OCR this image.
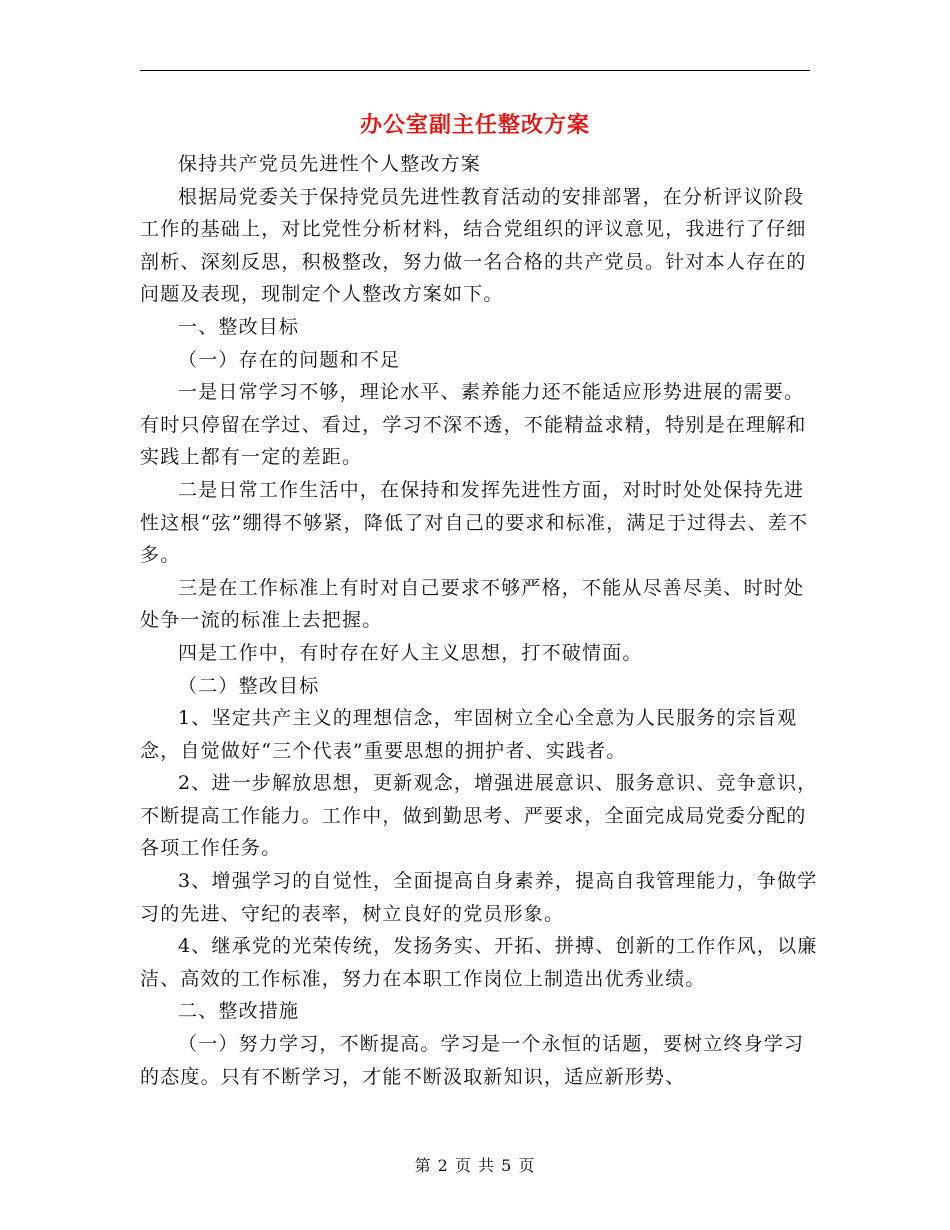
办公室副主任整改方案

保持共产党员先进性个人整改方案

根据局党委关于保持党员先进性教育活动的安排部署，在分析评议阶段工作的基础上，对比党性分析材料，结合党组织的评议意见，我进行了仔细剖析、深刻反思，积极整改，努力做一名合格的共产党员。针对本人存在的问题及表现，现制定个人整改方案如下。

一、整改目标

（一）存在的问题和不足

一是日常学习不够，理论水平、素养能力还不能适应形势进展的需要。有时只停留在学过、看过，学习不深不透，不能精益求精，特别是在理解和实践上都有一定的差距。

二是日常工作生活中，在保持和发挥先进性方面，对时时处处保持先进性这根“弦”绷得不够紧，降低了对自己的要求和标准，满足于过得去、差不多。

三是在工作标准上有时对自己要求不够严格，不能从尽善尽美、时时处处争一流的标准上去把握。

四是工作中，有时存在好人主义思想，打不破情面。

（二）整改目标

1、坚定共产主义的理想信念，牢固树立全心全意为人民服务的宗旨观念，自觉做好“三个代表”重要思想的拥护者、实践者。

2、进一步解放思想，更新观念，增强进展意识、服务意识、竞争意识，不断提高工作能力。工作中，做到勤思考、严要求，全面完成局党委分配的各项工作任务。

3、增强学习的自觉性，全面提高自身素养，提高自我管理能力，争做学习的先进、守纪的表率，树立良好的党员形象。

4、继承党的光荣传统，发扬务实、开拓、拼搏、创新的工作作风，以廉洁、高效的工作标准，努力在本职工作岗位上制造出优秀业绩。

二、整改措施

（一）努力学习，不断提高。学习是一个永恒的话题，要树立终身学习的态度。只有不断学习，才能不断汲取新知识，适应新形势、

第 2 页 共 5 页
